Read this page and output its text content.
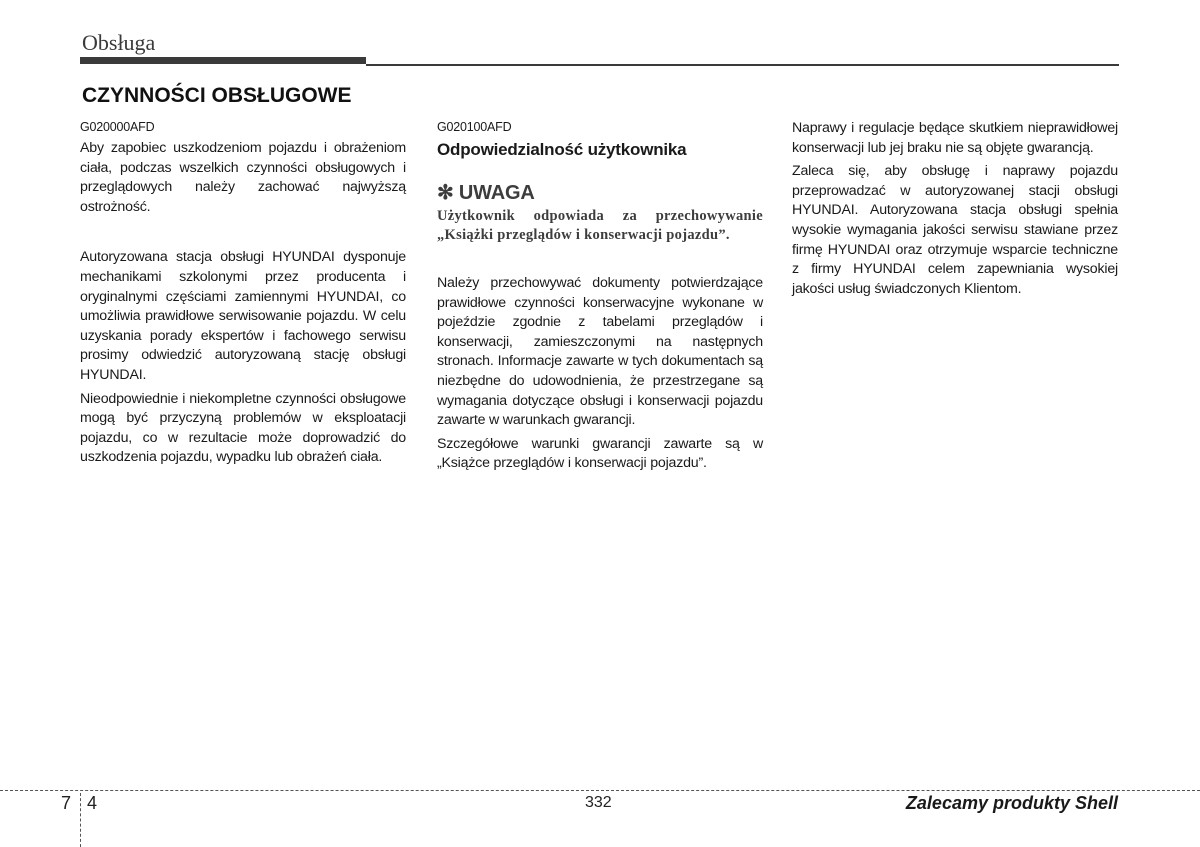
Obsługa
CZYNNOŚCI OBSŁUGOWE
G020000AFD

Aby zapobiec uszkodzeniom pojazdu i obrażeniom ciała, podczas wszelkich czynności obsługowych i przeglądowych należy zachować najwyższą ostrożność.

Autoryzowana stacja obsługi HYUNDAI dysponuje mechanikami szkolonymi przez producenta i oryginalnymi częściami zamiennymi HYUNDAI, co umożliwia prawidłowe serwisowanie pojazdu. W celu uzyskania porady ekspertów i fachowego serwisu prosimy odwiedzić autoryzowaną stację obsługi HYUNDAI.

Nieodpowiednie i niekompletne czynności obsługowe mogą być przyczyną problemów w eksploatacji pojazdu, co w rezultacie może doprowadzić do uszkodzenia pojazdu, wypadku lub obrażeń ciała.

G020100AFD
Odpowiedzialność użytkownika
✻ UWAGA
Użytkownik odpowiada za przechowywanie „Książki przeglądów i konserwacji pojazdu”.

Należy przechowywać dokumenty potwierdzające prawidłowe czynności konserwacyjne wykonane w pojeździe zgodnie z tabelami przeglądów i konserwacji, zamieszczonymi na następnych stronach. Informacje zawarte w tych dokumentach są niezbędne do udowodnienia, że przestrzegane są wymagania dotyczące obsługi i konserwacji pojazdu zawarte w warunkach gwarancji.

Szczegółowe warunki gwarancji zawarte są w „Książce przeglądów i konserwacji pojazdu”.

Naprawy i regulacje będące skutkiem nieprawidłowej konserwacji lub jej braku nie są objęte gwarancją.

Zaleca się, aby obsługę i naprawy pojazdu przeprowadzać w autoryzowanej stacji obsługi HYUNDAI. Autoryzowana stacja obsługi spełnia wysokie wymagania jakości serwisu stawiane przez firmę HYUNDAI oraz otrzymuje wsparcie techniczne z firmy HYUNDAI celem zapewniania wysokiej jakości usług świadczonych Klientom.

7 4	332	Zalecamy produkty Shell
